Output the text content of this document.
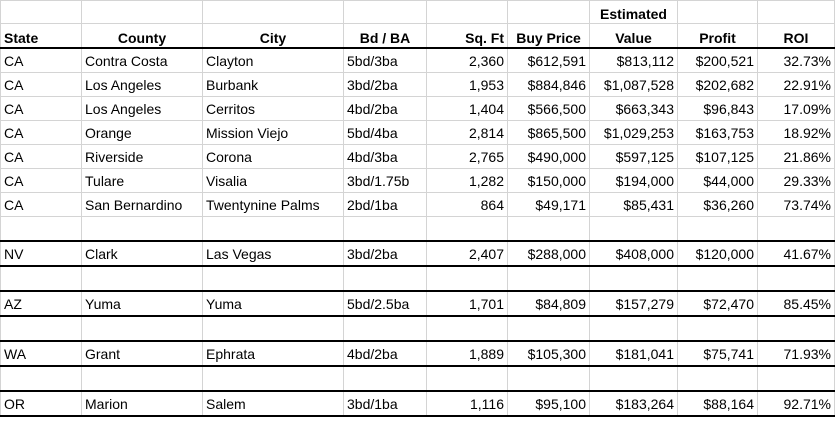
						Estimated		
State	County	City	Bd / BA	Sq. Ft	Buy Price	Value	Profit	ROI
CA	Contra Costa	Clayton	5bd/3ba	2,360	$612,591	$813,112	$200,521	32.73%
CA	Los Angeles	Burbank	3bd/2ba	1,953	$884,846	$1,087,528	$202,682	22.91%
CA	Los Angeles	Cerritos	4bd/2ba	1,404	$566,500	$663,343	$96,843	17.09%
CA	Orange	Mission Viejo	5bd/4ba	2,814	$865,500	$1,029,253	$163,753	18.92%
CA	Riverside	Corona	4bd/3ba	2,765	$490,000	$597,125	$107,125	21.86%
CA	Tulare	Visalia	3bd/1.75b	1,282	$150,000	$194,000	$44,000	29.33%
CA	San Bernardino	Twentynine Palms	2bd/1ba	864	$49,171	$85,431	$36,260	73.74%

NV	Clark	Las Vegas	3bd/2ba	2,407	$288,000	$408,000	$120,000	41.67%

AZ	Yuma	Yuma	5bd/2.5ba	1,701	$84,809	$157,279	$72,470	85.45%

WA	Grant	Ephrata	4bd/2ba	1,889	$105,300	$181,041	$75,741	71.93%

OR	Marion	Salem	3bd/1ba	1,116	$95,100	$183,264	$88,164	92.71%
